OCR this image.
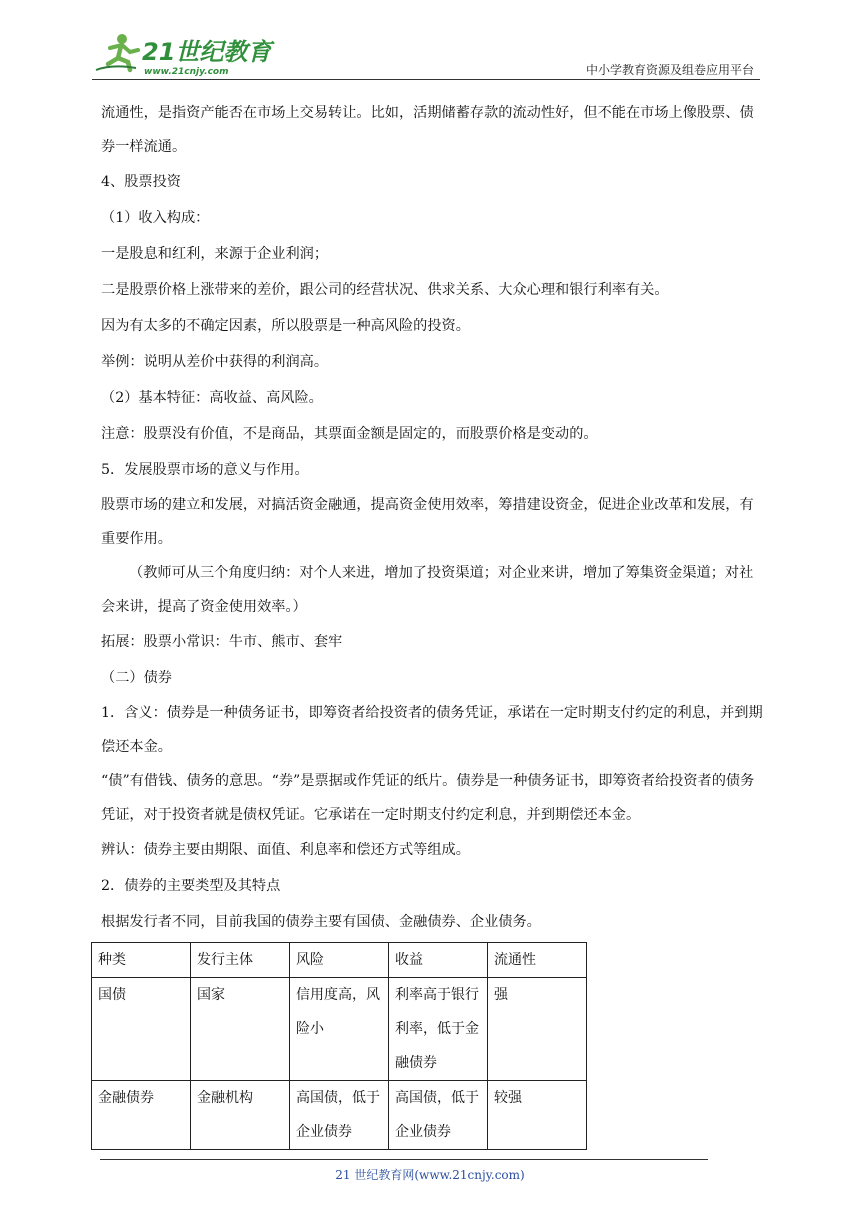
21世纪教育
www.21cnjy.com	中小学教育资源及组卷应用平台

流通性，是指资产能否在市场上交易转让。比如，活期储蓄存款的流动性好，但不能在市场上像股票、债券一样流通。

4、股票投资

（1）收入构成：

一是股息和红利，来源于企业利润；

二是股票价格上涨带来的差价，跟公司的经营状况、供求关系、大众心理和银行利率有关。

因为有太多的不确定因素，所以股票是一种高风险的投资。

举例：说明从差价中获得的利润高。

（2）基本特征：高收益、高风险。

注意：股票没有价值，不是商品，其票面金额是固定的，而股票价格是变动的。

5．发展股票市场的意义与作用。

股票市场的建立和发展，对搞活资金融通，提高资金使用效率，筹措建设资金，促进企业改革和发展，有重要作用。

（教师可从三个角度归纳：对个人来进，增加了投资渠道；对企业来讲，增加了筹集资金渠道；对社会来讲，提高了资金使用效率。）

拓展：股票小常识：牛市、熊市、套牢

（二）债券

1．含义：债券是一种债务证书，即筹资者给投资者的债务凭证，承诺在一定时期支付约定的利息，并到期偿还本金。

“债”有借钱、债务的意思。“券”是票据或作凭证的纸片。债券是一种债务证书，即筹资者给投资者的债务凭证，对于投资者就是债权凭证。它承诺在一定时期支付约定利息，并到期偿还本金。

辨认：债券主要由期限、面值、利息率和偿还方式等组成。

2．债券的主要类型及其特点

根据发行者不同，目前我国的债券主要有国债、金融债券、企业债务。

种类	发行主体	风险	收益	流通性
国债	国家	信用度高，风险小	利率高于银行利率，低于金融债券	强
金融债券	金融机构	高国债，低于企业债券	高国债，低于企业债券	较强
21 世纪教育网(www.21cnjy.com)
